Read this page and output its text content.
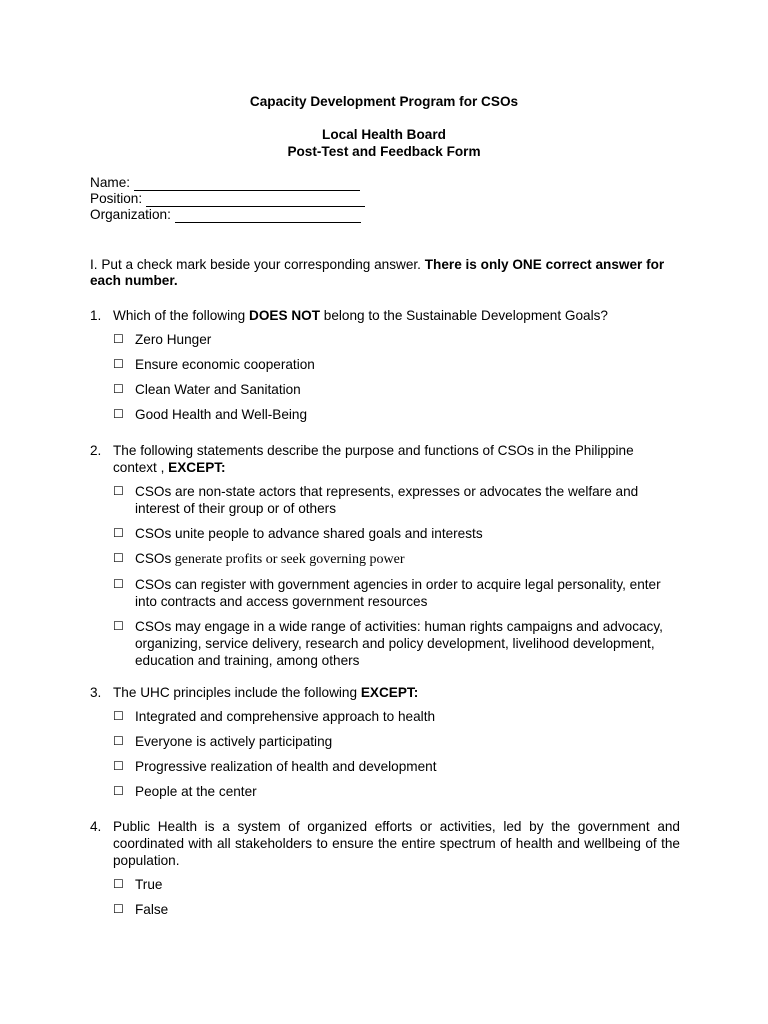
Capacity Development Program for CSOs
Local Health Board
Post-Test and Feedback Form
Name:
Position:
Organization:
I. Put a check mark beside your corresponding answer. There is only ONE correct answer for each number.
1. Which of the following DOES NOT belong to the Sustainable Development Goals?
☐ Zero Hunger
☐ Ensure economic cooperation
☐ Clean Water and Sanitation
☐ Good Health and Well-Being
2. The following statements describe the purpose and functions of CSOs in the Philippine context , EXCEPT:
☐ CSOs are non-state actors that represents, expresses or advocates the welfare and interest of their group or of others
☐ CSOs unite people to advance shared goals and interests
☐ CSOs generate profits or seek governing power
☐ CSOs can register with government agencies in order to acquire legal personality, enter into contracts and access government resources
☐ CSOs may engage in a wide range of activities: human rights campaigns and advocacy, organizing, service delivery, research and policy development, livelihood development, education and training, among others
3. The UHC principles include the following EXCEPT:
☐ Integrated and comprehensive approach to health
☐ Everyone is actively participating
☐ Progressive realization of health and development
☐ People at the center
4. Public Health is a system of organized efforts or activities, led by the government and coordinated with all stakeholders to ensure the entire spectrum of health and wellbeing of the population.
☐ True
☐ False
